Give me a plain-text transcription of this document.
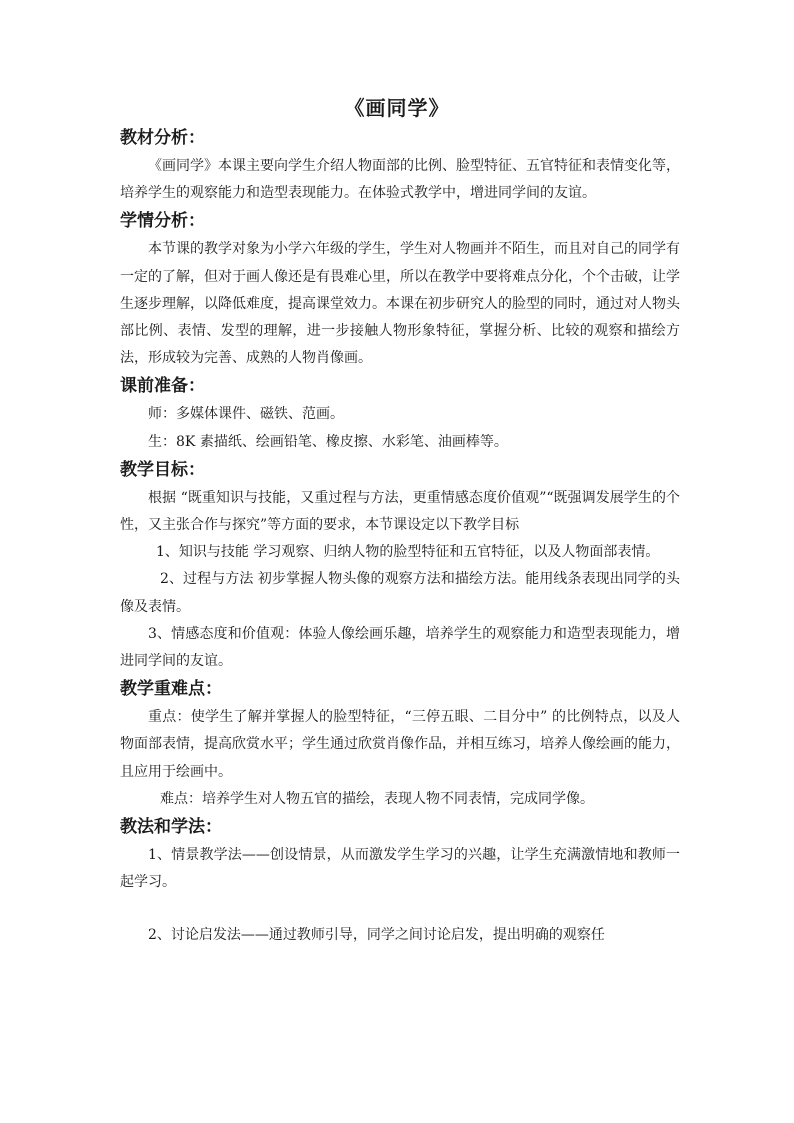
《画同学》

教材分析：

《画同学》本课主要向学生介绍人物面部的比例、脸型特征、五官特征和表情变化等，培养学生的观察能力和造型表现能力。在体验式教学中，增进同学间的友谊。

学情分析：

本节课的教学对象为小学六年级的学生，学生对人物画并不陌生，而且对自己的同学有一定的了解，但对于画人像还是有畏难心里，所以在教学中要将难点分化，个个击破，让学生逐步理解，以降低难度，提高课堂效力。本课在初步研究人的脸型的同时，通过对人物头部比例、表情、发型的理解，进一步接触人物形象特征，掌握分析、比较的观察和描绘方法，形成较为完善、成熟的人物肖像画。

课前准备：

师：多媒体课件、磁铁、范画。

生：8K 素描纸、绘画铅笔、橡皮擦、水彩笔、油画棒等。

教学目标：

根据 “既重知识与技能，又重过程与方法，更重情感态度价值观”“既强调发展学生的个性，又主张合作与探究”等方面的要求，本节课设定以下教学目标

1、知识与技能 学习观察、归纳人物的脸型特征和五官特征，以及人物面部表情。

2、过程与方法 初步掌握人物头像的观察方法和描绘方法。能用线条表现出同学的头像及表情。

3、情感态度和价值观：体验人像绘画乐趣，培养学生的观察能力和造型表现能力，增进同学间的友谊。

教学重难点：

重点：使学生了解并掌握人的脸型特征，“三停五眼、二目分中” 的比例特点，以及人物面部表情，提高欣赏水平；学生通过欣赏肖像作品，并相互练习，培养人像绘画的能力，且应用于绘画中。

难点：培养学生对人物五官的描绘，表现人物不同表情，完成同学像。

教法和学法：

1、情景教学法——创设情景，从而激发学生学习的兴趣，让学生充满激情地和教师一起学习。

2、讨论启发法——通过教师引导，同学之间讨论启发，提出明确的观察任
